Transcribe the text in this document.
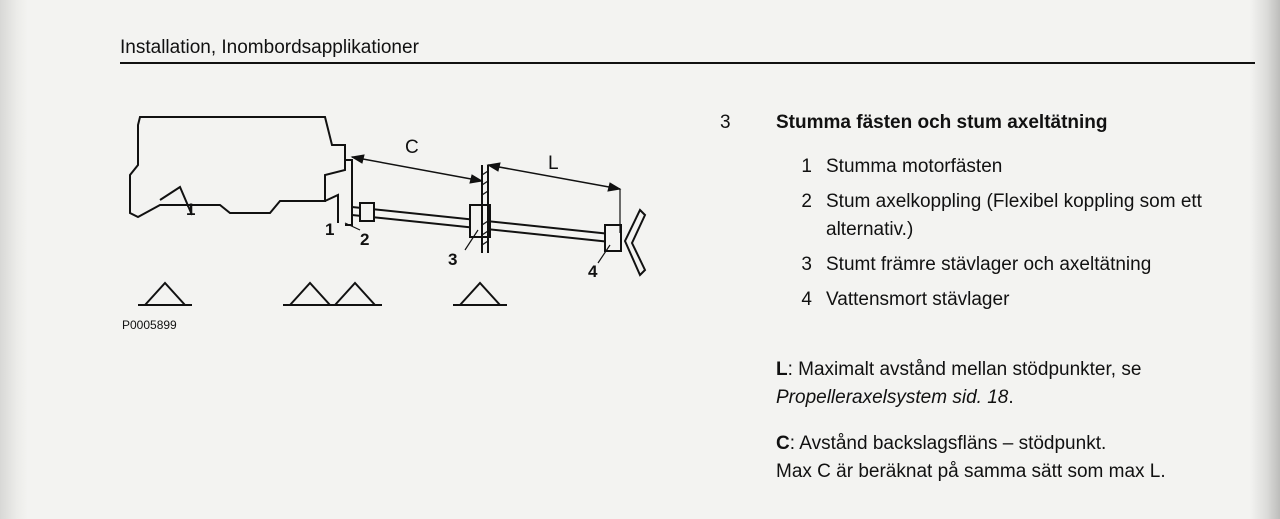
Installation, Inombordsapplikationer
C
L
1
1
2
3
4
P0005899
3 Stumma fästen och stum axeltätning
1 Stumma motorfästen
2 Stum axelkoppling (Flexibel koppling som ett alternativ.)
3 Stumt främre stävlager och axeltätning
4 Vattensmort stävlager
L: Maximalt avstånd mellan stödpunkter, se Propelleraxelsystem sid. 18.
C: Avstånd backslagsfläns – stödpunkt.
Max C är beräknat på samma sätt som max L.
